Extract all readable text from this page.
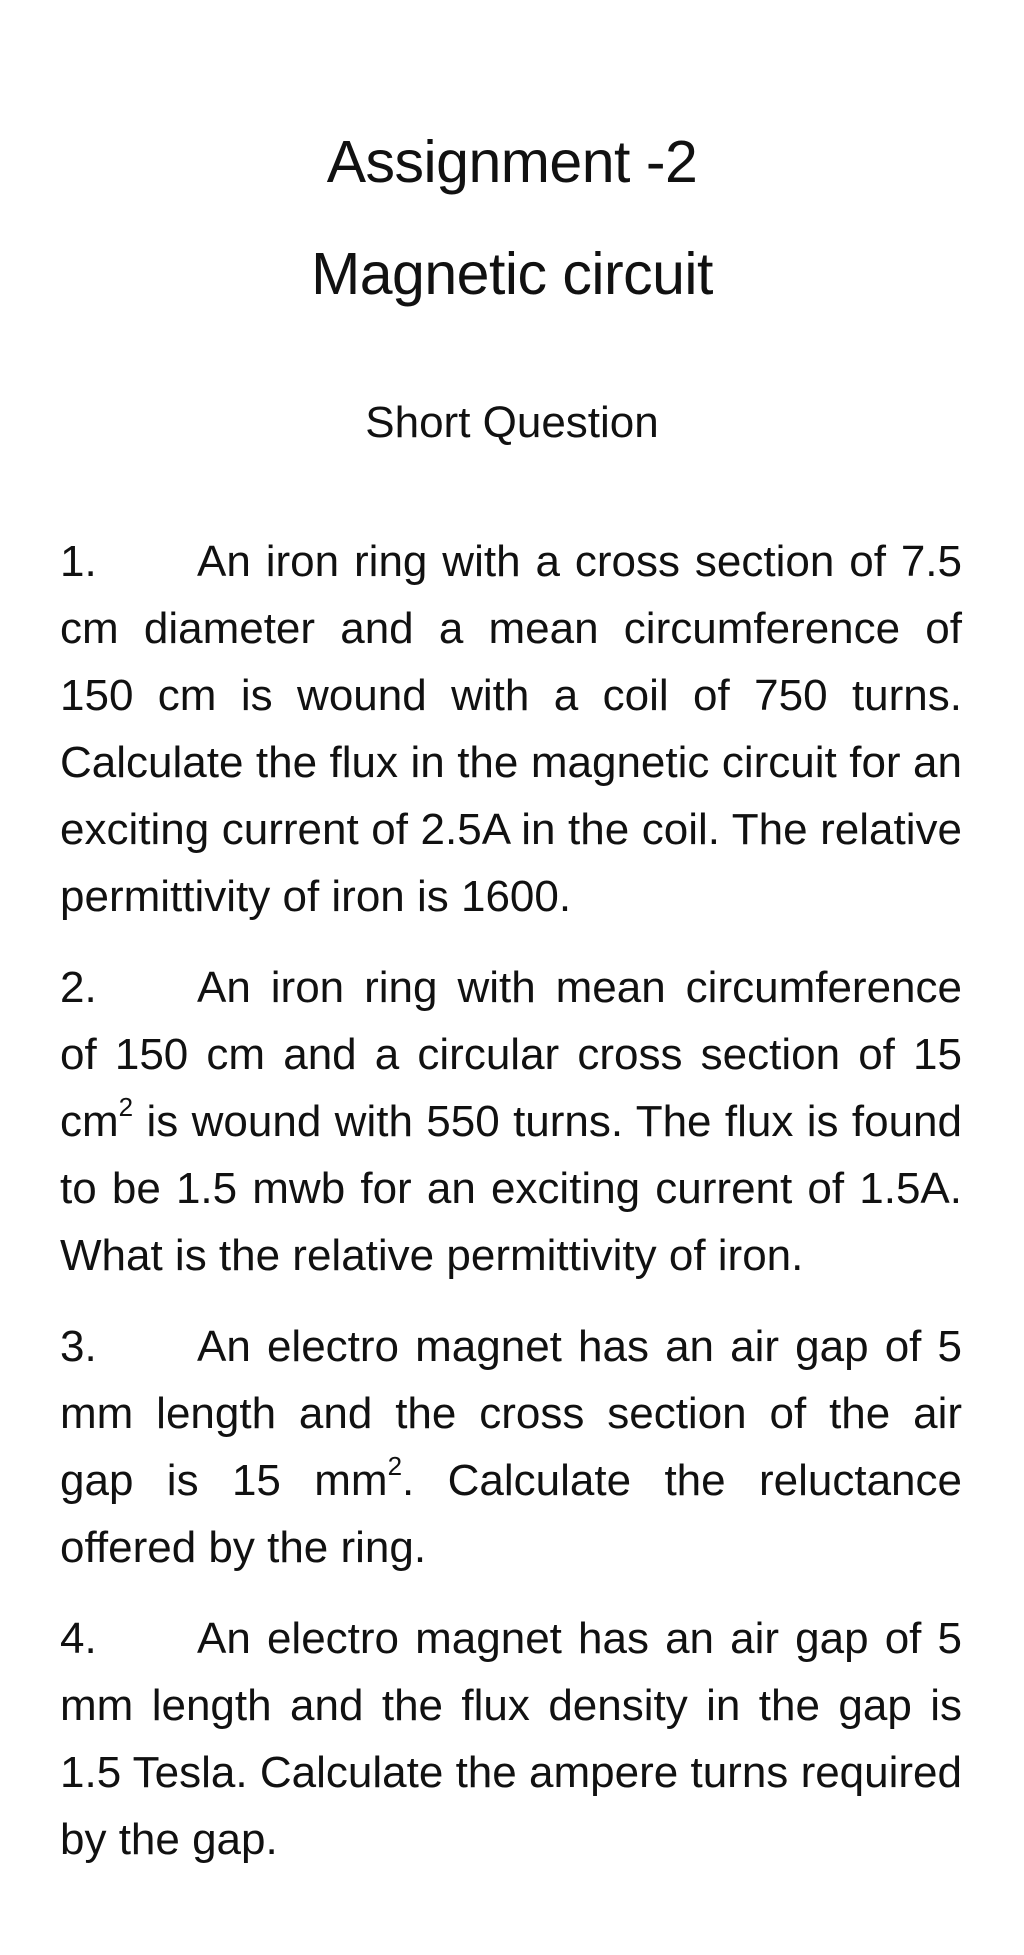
Assignment -2
Magnetic circuit
Short Question

1. An iron ring with a cross section of 7.5 cm diameter and a mean circumference of 150 cm is wound with a coil of 750 turns. Calculate the flux in the magnetic circuit for an exciting current of 2.5A in the coil. The relative permittivity of iron is 1600.

2. An iron ring with mean circumference of 150 cm and a circular cross section of 15 $cm^2$ is wound with 550 turns. The flux is found to be 1.5 mwb for an exciting current of 1.5A. What is the relative permittivity of iron.

3. An electro magnet has an air gap of 5 mm length and the cross section of the air gap is 15 $mm^2$. Calculate the reluctance offered by the ring.

4. An electro magnet has an air gap of 5 mm length and the flux density in the gap is 1.5 Tesla. Calculate the ampere turns required by the gap.
